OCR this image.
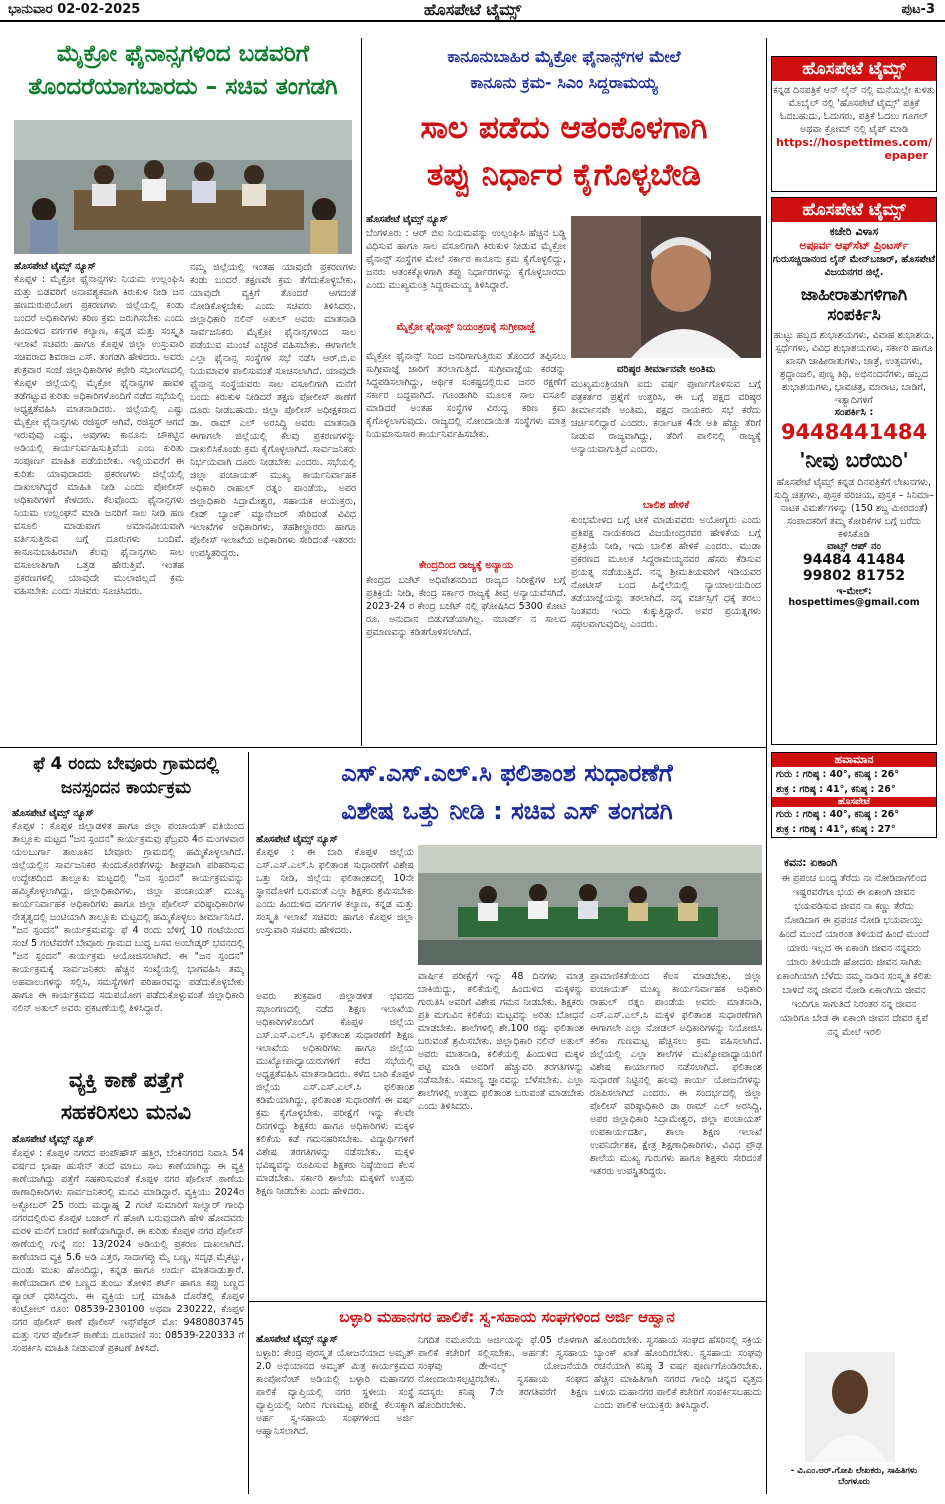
ಭಾನುವಾರ 02-02-2025	ಹೊಸಪೇಟೆ ಟೈಮ್ಸ್	ಪುಟ-3
ಮೈಕ್ರೋ ಫೈನಾನ್ಸಗಳಿಂದ ಬಡವರಿಗೆ
ತೊಂದರೆಯಾಗಬಾರದು – ಸಚಿವ ತಂಗಡಗಿ
ಹೊಸಪೇಟೆ ಟೈಮ್ಸ್ ನ್ಯೂಸ್
ಕೊಪ್ಪಳ : ಮೈಕ್ರೋ ಫೈನಾನ್ಸಗಳು ನಿಯಮ ಉಲ್ಲಂಘಿಸಿ ಮತ್ತು ಬಡವರಿಗೆ ಅನಾವಶ್ಯಕವಾಗಿ ಕಿರುಕುಳ ನೀಡಿ ಜನ ಹಣದುರುಪಯೋಗ ಪ್ರಕರಣಗಳು ಜಿಲ್ಲೆಯಲ್ಲಿ ಕಂಡು ಬಂದರೆ ಅಧಿಕಾರಿಗಳು ಕಠಿಣ ಕ್ರಮ ಜರುಗಿಸಬೇಕು ಎಂದು ಹಿಂದುಳಿದ ವರ್ಗಗಳ ಕಲ್ಯಾಣ, ಕನ್ನಡ ಮತ್ತು ಸಂಸ್ಕೃತಿ ಇಲಾಖೆ ಸಚಿವರು ಹಾಗೂ ಕೊಪ್ಪಳ ಜಿಲ್ಲಾ ಉಸ್ತುವಾರಿ ಸಚಿವರಾದ ಶಿವರಾಜ ಎಸ್. ತಂಗಡಗಿ ಹೇಳಿದರು. ಅವರು ಶುಕ್ರವಾರ ಸಂಜೆ ಜಿಲ್ಲಾಧಿಕಾರಿಗಳ ಕಛೇರಿ ಸಭಾಂಗಣದಲ್ಲಿ ಕೊಪ್ಪಳ ಜಿಲ್ಲೆಯಲ್ಲಿ ಮೈಕ್ರೋ ಫೈನಾನ್ಸಗಳ ಹಾವಳಿ ತಡೆಗಟ್ಟುವ ಕುರಿತು ಅಧಿಕಾರಿಗಳೊಂದಿಗೆ ನಡೆದ ಸಭೆಯಲ್ಲಿ ಅಧ್ಯಕ್ಷತೆವಹಿಸಿ ಮಾತನಾಡಿದರು. ಜಿಲ್ಲೆಯಲ್ಲಿ ಎಷ್ಟು ಮೈಕ್ರೋ ಫೈನಾನ್ಸಗಳು ರಜಿಸ್ಟರ್ ಆಗಿವೆ, ರಜಿಸ್ಟರ್ ಆಗದೆ ಇರುವುವು ಎಷ್ಟು, ಅವುಗಳು ಕಾನೂನು ಚೌಕಟ್ಟಿನ ಅಡಿಯಲ್ಲಿ ಕಾರ್ಯನಿರ್ವಹಿಸುತ್ತಿವೆಯ ಎಂಬ ಕುರಿತು ಸಂಪೂರ್ಣ ಮಾಹಿತಿ ಪಡೆಯಬೇಕು. ಇಲ್ಲಿಯವರೆಗೆ ಈ ಕುರಿತು ಯಾವುದಾದರು ಪ್ರಕರಣಗಳು ಜಿಲ್ಲೆಯಲ್ಲಿ ದಾಖಲಾಗಿದ್ದರೆ ಮಾಹಿತಿ ನೀಡಿ ಎಂದು ಪೋಲೀಸ್ ಅಧಿಕಾರಿಗಳಿಗೆ ಕೇಳಿದರು. ಕೆಲವೊಂದು ಫೈನಾನ್ಸಗಳು ನಿಯಮ ಉಲ್ಲಂಘನೆ ಮಾಡಿ ಜನರಿಗೆ ಸಾಲ ನೀಡಿ ಹಣ ವಸೂಲಿ ಮಾಡುವಾಗ ಅಮಾನವೀಯವಾಗಿ ವರ್ತಿಸುತ್ತಿರುವ ಬಗ್ಗೆ ದೂರುಗಳು ಬಂದಿವೆ. ಕಾನೂನುಬಾಹಿರವಾಗಿ ಕೆಲವು ಫೈನಾನ್ಸಗಳು ಸಾಲ ವಸೂಲಾತಿಗಾಗಿ ಒತ್ತಡ ಹೇರುತ್ತಿವೆ. ಇಂತಹ ಪ್ರಕರಣಗಳಲ್ಲಿ ಯಾವುದೇ ಮುಲಾಜಿಲ್ಲದೆ ಕ್ರಮ ವಹಿಸಬೇಕು ಎಂದು ಸಚಿವರು ಸೂಚಿಸಿದರು.
ನಮ್ಮ ಜಿಲ್ಲೆಯಲ್ಲಿ ಇಂತಹ ಯಾವುದೇ ಪ್ರಕರಣಗಳು ಕಂಡು ಬಂದರೆ ತಕ್ಷಣವೇ ಕ್ರಮ ತೆಗೆದುಕೊಳ್ಳಬೇಕು. ಯಾವುದೇ ವ್ಯಕ್ತಿಗೆ ತೊಂದರೆ ಆಗದಂತೆ ನೋಡಿಕೊಳ್ಳಬೇಕು ಎಂದು ಸಚಿವರು ತಿಳಿಸಿದರು. ಜಿಲ್ಲಾಧಿಕಾರಿ ನಲಿನ್ ಅತುಲ್ ಅವರು ಮಾತನಾಡಿ ಸಾರ್ವಜನಿಕರು ಮೈಕ್ರೋ ಫೈನಾನ್ಸಗಳಿಂದ ಸಾಲ ಪಡೆಯುವ ಮುಂಚೆ ಎಚ್ಚರಿಕೆ ವಹಿಸಬೇಕು. ಈಗಾಗಲೇ ಎಲ್ಲಾ ಫೈನಾನ್ಸ ಸಂಸ್ಥೆಗಳ ಸಭೆ ನಡೆಸಿ ಆರ್.ಬಿ.ಐ ನಿಯಮಾವಳಿ ಪಾಲಿಸುವಂತೆ ಸೂಚಿಸಲಾಗಿದೆ. ಯಾವುದೇ ಫೈನಾನ್ಸ ಸಂಸ್ಥೆಯವರು ಸಾಲ ವಸೂಲಿಗಾಗಿ ಮನೆಗೆ ಬಂದು ಕಿರುಕುಳ ನೀಡಿದರೆ ತಕ್ಷಣ ಪೋಲೀಸ್ ಠಾಣೆಗೆ ದೂರು ನೀಡಬಹುದು. ಜಿಲ್ಲಾ ಪೊಲೀಸ್ ಅಧೀಕ್ಷಕರಾದ ಡಾ. ರಾಮ್ ಎಲ್ ಅರಸಿದ್ದಿ ಅವರು ಮಾತನಾಡಿ ಈಗಾಗಲೇ ಜಿಲ್ಲೆಯಲ್ಲಿ ಕೆಲವು ಪ್ರಕರಣಗಳನ್ನು ದಾಖಲಿಸಿಕೊಂಡು ಕ್ರಮ ಕೈಗೊಳ್ಳಲಾಗಿದೆ. ಸಾರ್ವಜನಿಕರು ನಿರ್ಭಯವಾಗಿ ದೂರು ನೀಡಬೇಕು ಎಂದರು. ಸಭೆಯಲ್ಲಿ ಜಿಲ್ಲಾ ಪಂಚಾಯತ್ ಮುಖ್ಯ ಕಾರ್ಯನಿರ್ವಾಹಕ ಅಧಿಕಾರಿ ರಾಹುಲ್ ರತ್ನಂ ಪಾಂಡೆಯ, ಅಪರ ಜಿಲ್ಲಾಧಿಕಾರಿ ಸಿದ್ರಾಮೇಶ್ವರ, ಸಹಾಯಕ ಆಯುಕ್ತರು, ಲೀಡ್ ಬ್ಯಾಂಕ್ ಮ್ಯಾನೇಜರ್ ಸೇರಿದಂತೆ ವಿವಿಧ ಇಲಾಖೆಗಳ ಅಧಿಕಾರಿಗಳು, ತಹಶೀಲ್ದಾರರು ಹಾಗೂ ಪೊಲೀಸ್ ಇಲಾಖೆಯ ಅಧಿಕಾರಿಗಳು ಸೇರಿದಂತೆ ಇತರರು ಉಪಸ್ಥಿತರಿದ್ದರು.
ಕಾನೂನುಬಾಹಿರ ಮೈಕ್ರೋ ಫೈನಾನ್ಸ್‌ಗಳ ಮೇಲೆ
ಕಾನೂನು ಕ್ರಮ- ಸಿಎಂ ಸಿದ್ದರಾಮಯ್ಯ
ಸಾಲ ಪಡೆದು ಆತಂಕೊಳಗಾಗಿ
ತಪ್ಪು ನಿರ್ಧಾರ ಕೈಗೊಳ್ಳಬೇಡಿ
ಹೊಸಪೇಟೆ ಟೈಮ್ಸ್ ನ್ಯೂಸ್
ಬೆಂಗಳೂರು : ಆರ್ ಬಿಐ ನಿಯಮವನ್ನು ಉಲ್ಲಂಘಿಸಿ ಹೆಚ್ಚಿನ ಬಡ್ಡಿ ವಿಧಿಸುವ ಹಾಗೂ ಸಾಲ ವಸೂಲಿಗಾಗಿ ಕಿರುಕುಳ ನೀಡುವ ಮೈಕ್ರೋ ಫೈನಾನ್ಸ್ ಸಂಸ್ಥೆಗಳ ಮೇಲೆ ಸರ್ಕಾರ ಕಾನೂನು ಕ್ರಮ ಕೈಗೊಳ್ಳಲಿದ್ದು, ಜನರು ಆತಂಕಕ್ಕೊಳಗಾಗಿ ತಪ್ಪು ನಿರ್ಧಾರಗಳನ್ನು ಕೈಗೊಳ್ಳಬಾರದು ಎಂದು ಮುಖ್ಯಮಂತ್ರಿ ಸಿದ್ದರಾಮಯ್ಯ ತಿಳಿಸಿದ್ದಾರೆ.
ಮೈಕ್ರೋ ಫೈನಾನ್ಸ್ ನಿಯಂತ್ರಣಕ್ಕೆ ಸುಗ್ರೀವಾಜ್ಞೆ
ಮೈಕ್ರೋ ಫೈನಾನ್ಸ್ ನಿಂದ ಜನರಿಗಾಗುತ್ತಿರುವ ತೊಂದರೆ ತಪ್ಪಿಸಲು ಸುಗ್ರೀವಾಜ್ಞೆ ಜಾರಿಗೆ ತರಲಾಗುತ್ತಿದೆ. ಸುಗ್ರೀವಾಜ್ಞೆಯ ಕರಡನ್ನು ಸಿದ್ಧಪಡಿಸಲಾಗಿದ್ದು, ಆರ್ಥಿಕ ಸಂಕಷ್ಟದಲ್ಲಿರುವ ಜನರ ರಕ್ಷಣೆಗೆ ಸರ್ಕಾರ ಬದ್ಧವಾಗಿದೆ. ಗೂಂಡಾಗಿರಿ ಮೂಲಕ ಸಾಲ ವಸೂಲಿ ಮಾಡಿದರೆ ಅಂತಹ ಸಂಸ್ಥೆಗಳ ವಿರುದ್ಧ ಕಠಿಣ ಕ್ರಮ ಕೈಗೊಳ್ಳಲಾಗುವುದು. ರಾಜ್ಯದಲ್ಲಿ ನೋಂದಾಯಿತ ಸಂಸ್ಥೆಗಳು ಮಾತ್ರ ನಿಯಮಾನುಸಾರ ಕಾರ್ಯನಿರ್ವಹಿಸಬೇಕು.
ಕೇಂದ್ರದಿಂದ ರಾಜ್ಯಕ್ಕೆ ಅನ್ಯಾಯ
ಕೇಂದ್ರದ ಬಜೆಟ್ ಅಧಿವೇಶನದಿಂದ ರಾಜ್ಯದ ನಿರೀಕ್ಷೆಗಳ ಬಗ್ಗೆ ಪ್ರತಿಕ್ರಿಯೆ ನೀಡಿ, ಕೇಂದ್ರ ಸರ್ಕಾರ ರಾಜ್ಯಕ್ಕೆ ತೀವ್ರ ಅನ್ಯಾಯವೆಸಗಿದೆ. 2023-24 ರ ಕೇಂದ್ರ ಬಜೆಟ್ ನಲ್ಲಿ ಘೋಷಿಸಿದ 5300 ಕೋಟಿ ರೂ. ಅನುದಾನ ಬಿಡುಗಡೆಯಾಗಿಲ್ಲ. ನಬಾರ್ಡ್ ನ ಸಾಲದ ಪ್ರಮಾಣವನ್ನು ಕಡಿತಗೊಳಿಸಲಾಗಿದೆ.
ವರಿಷ್ಠರ ತೀರ್ಮಾನವೇ ಅಂತಿಮ
ಮುಖ್ಯಮಂತ್ರಿಯಾಗಿ ಐದು ವರ್ಷ ಪೂರ್ಣಗೊಳಿಸುವ ಬಗ್ಗೆ ಪತ್ರಕರ್ತರ ಪ್ರಶ್ನೆಗೆ ಉತ್ತರಿಸಿ, ಈ ಬಗ್ಗೆ ಪಕ್ಷದ ವರಿಷ್ಠರ ತೀರ್ಮಾನವೇ ಅಂತಿಮ. ಪಕ್ಷದ ನಾಯಕರು ಸಭೆ ಕರೆದು ಚರ್ಚಿಸಲಿದ್ದಾರೆ ಎಂದರು. ಕರ್ನಾಟಕ 4ನೇ ಅತಿ ಹೆಚ್ಚು ತೆರಿಗೆ ನೀಡುವ ರಾಜ್ಯವಾಗಿದ್ದು, ತೆರಿಗೆ ಪಾಲಿನಲ್ಲಿ ರಾಜ್ಯಕ್ಕೆ ಅನ್ಯಾಯವಾಗುತ್ತಿದೆ ಎಂದರು.
ಬಾಲಿಶ ಹೇಳಿಕೆ
ಕುಂಭಮೇಳದ ಬಗ್ಗೆ ಟೀಕೆ ಮಾಡುವವರು ಅಯೋಗ್ಯರು ಎಂದು ಪ್ರತಿಪಕ್ಷ ನಾಯಕರಾದ ವಿಜಯೇಂದ್ರರವರ ಹೇಳಿಕೆಯ ಬಗ್ಗೆ ಪ್ರತಿಕ್ರಿಯೆ ನೀಡಿ, ಇದು ಬಾಲಿಶ ಹೇಳಿಕೆ ಎಂದರು. ಮುಡಾ ಪ್ರಕರಣದ ಮೂಲಕ ಸಿದ್ದರಾಮಯ್ಯನವರ ಹೆಸರು ಕೆಡಿಸುವ ಪ್ರಯತ್ನ ನಡೆಯುತ್ತಿದೆ. ನನ್ನ ಶ್ರೀಮತಿಯವರಿಗೆ ಇಡಿಯವರ ನೋಟೀಸ್ ಬಂದ ಹಿನ್ನೆಲೆಯಲ್ಲಿ ನ್ಯಾಯಾಲಯದಿಂದ ತಡೆಯಾಜ್ಞೆಯನ್ನು ತರಲಾಗಿದೆ. ನನ್ನ ವರ್ಚಸ್ಸಿಗೆ ಧಕ್ಕೆ ತರಲು ನಿಂತವರು ಇಂದು ಕುಕ್ಕುತ್ತಿದ್ದಾರೆ. ಅವರ ಪ್ರಯತ್ನಗಳು ಸಫಲವಾಗುವುದಿಲ್ಲ ಎಂದರು.
ಹೊಸಪೇಟೆ ಟೈಮ್ಸ್
ಕನ್ನಡ ದಿನಪತ್ರಿಕೆ ಆನ್ ಲೈನ್ ನಲ್ಲಿ ಮನೆಯಲ್ಲೇ ಕುಳಿತು ಮೊಬೈಲ್ ನಲ್ಲಿ 'ಹೊಸಪೇಟೆ ಟೈಮ್ಸ್' ಪತ್ರಿಕೆ ಓದಬಹುದು, ಓದುಗರು, ಪತ್ರಿಕೆ ಓದಲು ಗೂಗಲ್ ಅಥವಾ ಕ್ರೋಮ್ ನಲ್ಲಿ ಟೈಪ್ ಮಾಡಿ
https://hospettimes.com/
epaper
ಹೊಸಪೇಟೆ ಟೈಮ್ಸ್
ಕಚೇರಿ ವಿಳಾಸ
ಅಪೂರ್ವ ಆಫ್‌ಸೆಟ್ ಪ್ರಿಂಟರ್ಸ್
ಗುರುಸಚ್ಚಿದಾನಂದ ಲೈನ್ ಮೇನ್‌ಬಜಾರ್, ಹೊಸಪೇಟೆ ವಿಜಯನಗರ ಜಿಲ್ಲೆ.
ಜಾಹೀರಾತುಗಳಿಗಾಗಿ
ಸಂಪರ್ಕಿಸಿ
ಹುಟ್ಟು ಹಬ್ಬದ ಶುಭಾಶಯಗಳು, ವಿವಾಹ ಶುಭಾಶಯ, ಸ್ಪರ್ಧೆಗಳು, ವಿವಿಧ ಶುಭಾಶಯಗಳು, ಸರ್ಕಾರಿ ಹಾಗೂ ಖಾಸಗಿ ಜಾಹೀರಾತುಗಳು, ಜಾತ್ರೆ, ಉತ್ಸವಗಳು, ಶ್ರದ್ಧಾಂಜಲಿ, ಪುಣ್ಯ ತಿಥಿ, ಅಭಿನಂದನೆಗಳು, ಹಬ್ಬದ ಶುಭಾಶಯಗಳು, ಭಾವಚಿತ್ರ, ಮಾರಾಟ, ಬಾಡಿಗೆ, ಇತ್ಯಾದಿಗಳಿಗೆ
ಸಂಪರ್ಕಿಸಿ :
9448441484
'ನೀವು ಬರೆಯಿರಿ'
ಹೊಸಪೇಟೆ ಟೈಮ್ಸ್ ಕನ್ನಡ ದಿನಪತ್ರಿಕೆಗೆ ಲೇಖನಗಳು, ಸುದ್ದಿ ಚಿತ್ರಗಳು, ಪುಸ್ತಕ ಪರಿಚಯ, ಪುಸ್ತಕ – ಸಿನಿಮಾ–ನಾಟಕ ವಿಮರ್ಶೆಗಳನ್ನು (150 ಶಬ್ದ ಮೀರದಂತೆ) ಸಂಪಾದಕರಿಗೆ ತಮ್ಮ ಕೋರಿಕೆಗಳ ಬಗ್ಗೆ ಬರೆದು ಕಳಿಸಿಕೊಡಿ
ವಾಟ್ಸ್ ಆಪ್ ನಂ
94484 41484
99802 81752
ಇ-ಮೇಲ್: hospettimes@gmail.com
ಹವಾಮಾನ
ಗುರು : ಗರಿಷ್ಠ : 40°, ಕನಿಷ್ಠ : 26°
ಶುಕ್ರ : ಗರಿಷ್ಠ : 41°, ಕನಿಷ್ಠ : 26°
ಹೊಸಪೇಟೆ
ಗುರು : ಗರಿಷ್ಠ : 40°, ಕನಿಷ್ಠ : 26°
ಶುಕ್ರ : ಗರಿಷ್ಠ : 41°, ಕನಿಷ್ಠ : 27°
ಕವನ: ಏಕಾಂಗಿ
ಈ ಪ್ರಪಂಚ ಬಂಧ್ಯ ತೆರೆದು ನಾ ನೋಡಿದಾಗಲಿಂದ ಇಷ್ಟರವರೆಗೂ ಭಯ ಈ ಏಕಾಂಗಿ ಜೀವನ ಭಯಪಡಿಸುವ ಜೀವನ ನಾ ಕಣ್ಣು ತೆರೆದು ನೋಡಿದಾಗ ಈ ಪ್ರಪಂಚ ನೋಡಿ ಭಯವಾಯ್ತು ಹಿಂದೆ ಮುಂದೆ ಯಾರಂತ ತಿಳಿಯದೆ ಹಿಂದೆ ಮುಂದೆ ಯಾರು ಇಲ್ಲದ ಈ ಏಕಾಂಗಿ ಜೀವನ ನನ್ನವರು ಯಾರು ತಿಳಿಯದೇ ಹೋದರು ಜೀವನ ಸಾಗಿತು ಏಕಾಂಗಿಯಾಗಿ ಬೆಳೆದು ನಮ್ಮ ನಾಡಿನ ಸಂಸ್ಕೃತಿ ಕಲಿತು ಬಾಳಿದೆ ನನ್ನ ಜೀವನ ನೋಡಿ ಏಕಾಂಗಿಯ ಜೀವನ ಇಂದಿಗೂ ಸಾಗುತಿದೆ ನಿರಂತರ ನನ್ನ ಜೀವನ ಯಾರಿಗೂ ಬೇಡ ಈ ಏಕಾಂಗಿ ಜೀವನ ದೇವರ ಕೃಪೆ ನನ್ನ ಮೇಲೆ ಇರಲಿ
- ವಿ.ಎಂ.ಆರ್.ಗೋಪಿ ಲೇಖಕರು, ಸಾಹಿತಿಗಳು ಬೆಂಗಳೂರು
ಫೆ 4 ರಂದು ಬೇವೂರು ಗ್ರಾಮದಲ್ಲಿ
ಜನಸ್ಪಂದನ ಕಾರ್ಯಕ್ರಮ
ಹೊಸಪೇಟೆ ಟೈಮ್ಸ್ ನ್ಯೂಸ್
ಕೊಪ್ಪಳ : ಕೊಪ್ಪಳ ಜಿಲ್ಲಾಡಳಿತ ಹಾಗೂ ಜಿಲ್ಲಾ ಪಂಚಾಯತ್ ವತಿಯಿಂದ ತಾಲ್ಲೂಕು ಮಟ್ಟದ "ಜನ ಸ್ಪಂದನ" ಕಾರ್ಯಕ್ರಮವು ಫೆಬ್ರವರಿ 4ರ ಮಂಗಳವಾರ ಯಲಬುರ್ಗಾ ತಾಲೂಕಿನ ಬೇವೂರು ಗ್ರಾಮದಲ್ಲಿ ಹಮ್ಮಿಕೊಳ್ಳಲಾಗಿದೆ. ಜಿಲ್ಲೆಯಲ್ಲಿನ ಸಾರ್ವಜನಿಕರ ಕುಂದುಕೊರತೆಗಳನ್ನು ಶೀಘ್ರವಾಗಿ ಪರಿಹರಿಸುವ ಉದ್ದೇಶದಿಂದ ತಾಲ್ಲೂಕು ಮಟ್ಟದಲ್ಲಿ "ಜನ ಸ್ಪಂದನ" ಕಾರ್ಯಕ್ರಮವನ್ನು ಹಮ್ಮಿಕೊಳ್ಳಲಾಗಿದ್ದು, ಜಿಲ್ಲಾಧಿಕಾರಿಗಳು, ಜಿಲ್ಲಾ ಪಂಚಾಯತ್ ಮುಖ್ಯ ಕಾರ್ಯನಿರ್ವಾಹಕ ಅಧಿಕಾರಿಗಳು ಹಾಗೂ ಜಿಲ್ಲಾ ಪೊಲೀಸ್ ವರಿಷ್ಠಾಧಿಕಾರಿಗಳ ನೇತೃತ್ವದಲ್ಲಿ ಜಂಟಿಯಾಗಿ ತಾಲ್ಲೂಕು ಮಟ್ಟದಲ್ಲಿ ಹಮ್ಮಿಕೊಳ್ಳಲು ತೀರ್ಮಾನಿಸಿದೆ. "ಜನ ಸ್ಪಂದನ" ಕಾರ್ಯಕ್ರಮವನ್ನು ಫೆ 4 ರಂದು ಬೆಳಿಗ್ಗೆ 10 ಗಂಟೆಯಿಂದ ಸಂಜೆ 5 ಗಂಟೆವರೆಗೆ ಬೇವೂರು ಗ್ರಾಮದ ಬುದ್ಧ ಬಸವ ಅಂಬೇಡ್ಕರ್ ಭವನದಲ್ಲಿ "ಜನ ಸ್ಪಂದನ" ಕಾರ್ಯಕ್ರಮ ಆಯೋಜಿಸಲಾಗಿದೆ. ಈ "ಜನ ಸ್ಪಂದನ" ಕಾರ್ಯಕ್ರಮಕ್ಕೆ ಸಾರ್ವಜನಿಕರು ಹೆಚ್ಚಿನ ಸಂಖ್ಯೆಯಲ್ಲಿ ಭಾಗವಹಿಸಿ ತಮ್ಮ ಅಹವಾಲುಗಳನ್ನು ಸಲ್ಲಿಸಿ, ಸಮಸ್ಯೆಗಳಿಗೆ ಪರಿಹಾರವನ್ನು ಪಡೆದುಕೊಳ್ಳಬೇಕು ಹಾಗೂ ಈ ಕಾರ್ಯಕ್ರಮದ ಸದುಪಯೋಗ ಪಡೆದುಕೊಳ್ಳುವಂತೆ ಜಿಲ್ಲಾಧಿಕಾರಿ ನಲಿನ್ ಅತುಲ್ ಅವರು ಪ್ರಕಟಣೆಯಲ್ಲಿ ತಿಳಿಸಿದ್ದಾರೆ.
ವ್ಯಕ್ತಿ ಕಾಣೆ ಪತ್ತೆಗೆ
ಸಹಕರಿಸಲು ಮನವಿ
ಹೊಸಪೇಟೆ ಟೈಮ್ಸ್ ನ್ಯೂಸ್
ಕೊಪ್ಪಳ : ಕೊಪ್ಪಳ ನಗರದ ಪಂಪೌಹೌಸ್ ಹತ್ತಿರ, ಬೆಂಕಿನಗರದ ನಿವಾಸಿ 54 ವರ್ಷದ ಭಾಷಾ ಹುಸೇನ್ ತಂದೆ ಮಾಬು ಸಾಬ ಕಾಣೆಯಾಗಿದ್ದು ಈ ವ್ಯಕ್ತಿ ಕಾಣೆಯಾಗಿದ್ದು ಪತ್ತೆಗೆ ಸಹಕರಿಸುವಂತೆ ಕೊಪ್ಪಳ ನಗರ ಪೊಲೀಸ್ ಠಾಣೆಯ ಠಾಣಾಧಿಕಾರಿಗಳು ಸಾರ್ವಜನಿಕರಲ್ಲಿ ಮನವಿ ಮಾಡಿದ್ದಾರೆ. ವ್ಯಕ್ತಿಯು 2024ರ ಅಕ್ಟೋಬರ್ 25 ರಂದು ಮಧ್ಯಾಹ್ನ 2 ಗಂಟೆ ಸುಮಾರಿಗೆ ಸಾಲ್ವಾರ್ ಗಾಂಧಿ ನಗರದಲ್ಲಿರುವ ಕೊಪ್ಪಳ ಬಜಾರ್ ಗೆ ಹೋಗಿ ಬರುವುದಾಗಿ ಹೇಳಿ ಹೋದವರು ಮರಳಿ ಮನೆಗೆ ಬಾರದೆ ಕಾಣೆಯಾಗಿದ್ದಾರೆ. ಈ ಕುರಿತು ಕೊಪ್ಪಳ ನಗರ ಪೊಲೀಸ್ ಠಾಣೆಯಲ್ಲಿ ಗುನ್ನೆ ನಂ: 13/2024 ಅಡಿಯಲ್ಲಿ ಪ್ರಕರಣ ದಾಖಲಾಗಿದೆ. ಕಾಣೆಯಾದ ವ್ಯಕ್ತಿ 5.6 ಅಡಿ ಎತ್ತರ, ಸಾದಾಗಪ್ಪು ಮೈ ಬಣ್ಣ, ಸದೃಢ ಮೈಕಟ್ಟು, ದುಂಡು ಮುಖ ಹೊಂದಿದ್ದು, ಕನ್ನಡ ಹಾಗೂ ಉರ್ದು ಮಾತನಾಡುತ್ತಾರೆ. ಕಾಣೆಯಾದಾಗ ಬಿಳಿ ಬಣ್ಣದ ತುಂಬು ತೋಳಿನ ಶರ್ಟ್ ಹಾಗೂ ಕಪ್ಪು ಬಣ್ಣದ ಪ್ಯಾಂಟ್ ಧರಿಸಿದ್ದರು. ಈ ವ್ಯಕ್ತಿಯ ಬಗ್ಗೆ ಮಾಹಿತಿ ದೊರೆತಲ್ಲಿ ಕೊಪ್ಪಳ ಕಂಟ್ರೋಲ್ ರೂಂ: 08539-230100 ಅಥವಾ 230222, ಕೊಪ್ಪಳ ನಗರ ಪೊಲೀಸ್ ಠಾಣೆ ಪೊಲೀಸ್ ಇನ್ಸ್‌ಪೆಕ್ಟರ್ ಮೊ: 9480803745 ಮತ್ತು ನಗರ ಪೊಲೀಸ್ ಠಾಣೆಯ ದೂರವಾಣಿ ಸಂ: 08539-220333 ಗೆ ಸಂಪರ್ಕಿಸಿ ಮಾಹಿತಿ ನೀಡುವಂತೆ ಪ್ರಕಟಣೆ ತಿಳಿಸಿದೆ.
ಎಸ್.ಎಸ್.ಎಲ್.ಸಿ ಫಲಿತಾಂಶ ಸುಧಾರಣೆಗೆ
ವಿಶೇಷ ಒತ್ತು ನೀಡಿ : ಸಚಿವ ಎಸ್ ತಂಗಡಗಿ
ಹೊಸಪೇಟೆ ಟೈಮ್ಸ್ ನ್ಯೂಸ್
ಕೊಪ್ಪಳ : ಈ ಬಾರಿ ಕೊಪ್ಪಳ ಜಿಲ್ಲೆಯ ಎಸ್.ಎಸ್.ಎಲ್.ಸಿ ಫಲಿತಾಂಶ ಸುಧಾರಣೆಗೆ ವಿಶೇಷ ಒತ್ತು ನೀಡಿ, ಜಿಲ್ಲೆಯ ಫಲಿತಾಂಶದಲ್ಲಿ 10ನೇ ಸ್ಥಾನದೊಳಗೆ ಬರುವಂತೆ ಎಲ್ಲಾ ಶಿಕ್ಷಕರು ಶ್ರಮಿಸಬೇಕು ಎಂದು ಹಿಂದುಳಿದ ವರ್ಗಗಳ ಕಲ್ಯಾಣ, ಕನ್ನಡ ಮತ್ತು ಸಂಸ್ಕೃತಿ ಇಲಾಖೆ ಸಚಿವರು ಹಾಗೂ ಕೊಪ್ಪಳ ಜಿಲ್ಲಾ ಉಸ್ತುವಾರಿ ಸಚಿವರು ಹೇಳಿದರು.
ಅವರು ಶುಕ್ರವಾರ ಜಿಲ್ಲಾಡಳಿತ ಭವನದ ಸಭಾಂಗಣದಲ್ಲಿ ನಡೆದ ಶಿಕ್ಷಣ ಇಲಾಖೆಯ ಅಧಿಕಾರಿಗಳೊಂದಿಗೆ ಕೊಪ್ಪಳ ಜಿಲ್ಲೆಯ ಎಸ್.ಎಸ್.ಎಲ್.ಸಿ ಫಲಿತಾಂಶ ಸುಧಾರಣೆಗೆ ಶಿಕ್ಷಣ ಇಲಾಖೆಯ ಅಧಿಕಾರಿಗಳು ಹಾಗೂ ಜಿಲ್ಲೆಯ ಮುಖ್ಯೋಪಾಧ್ಯಾಯರುಗಳಿಗೆ ಕರೆದ ಸಭೆಯಲ್ಲಿ ಅಧ್ಯಕ್ಷತೆವಹಿಸಿ ಮಾತನಾಡಿದರು. ಕಳೆದ ಬಾರಿ ಕೊಪ್ಪಳ ಜಿಲ್ಲೆಯ ಎಸ್.ಎಸ್.ಎಲ್.ಸಿ ಫಲಿತಾಂಶ ಕಡಿಮೆಯಾಗಿದ್ದು, ಫಲಿತಾಂಶ ಸುಧಾರಣೆಗೆ ಈ ವರ್ಷ ಕ್ರಮ ಕೈಗೊಳ್ಳಬೇಕು. ಪರೀಕ್ಷೆಗೆ ಇನ್ನು ಕೆಲವೇ ದಿನಗಳಿದ್ದು ಶಿಕ್ಷಕರು ಹಾಗೂ ಅಧಿಕಾರಿಗಳು ಮಕ್ಕಳ ಕಲಿಕೆಯ ಕಡೆ ಗಮನಹರಿಸಬೇಕು. ವಿದ್ಯಾರ್ಥಿಗಳಿಗೆ ವಿಶೇಷ ತರಗತಿಗಳನ್ನು ನಡೆಸಬೇಕು. ಮಕ್ಕಳ ಭವಿಷ್ಯವನ್ನು ರೂಪಿಸುವ ಶಿಕ್ಷಕರು ನಿಷ್ಠೆಯಿಂದ ಕೆಲಸ ಮಾಡಬೇಕು. ಸರ್ಕಾರಿ ಶಾಲೆಯ ಮಕ್ಕಳಿಗೆ ಉತ್ತಮ ಶಿಕ್ಷಣ ನೀಡಬೇಕು ಎಂದು ಹೇಳಿದರು.
ವಾರ್ಷಿಕ ಪರೀಕ್ಷೆಗೆ ಇನ್ನು 48 ದಿನಗಳು ಮಾತ್ರ ಬಾಕಿಯಿದ್ದು, ಕಲಿಕೆಯಲ್ಲಿ ಹಿಂದುಳಿದ ಮಕ್ಕಳನ್ನು ಗುರುತಿಸಿ ಅವರಿಗೆ ವಿಶೇಷ ಗಮನ ನೀಡಬೇಕು. ಶಿಕ್ಷಕರು ಪ್ರತಿ ಮಗುವಿನ ಕಲಿಕೆಯ ಮಟ್ಟವನ್ನು ಅರಿತು ಬೋಧನೆ ಮಾಡಬೇಕು. ಶಾಲೆಗಳಲ್ಲಿ ಶೇ.100 ರಷ್ಟು ಫಲಿತಾಂಶ ಬರುವಂತೆ ಶ್ರಮಿಸಬೇಕು. ಜಿಲ್ಲಾಧಿಕಾರಿ ನಲಿನ್ ಅತುಲ್ ಅವರು ಮಾತನಾಡಿ, ಕಲಿಕೆಯಲ್ಲಿ ಹಿಂದುಳಿದ ಮಕ್ಕಳ ಪಟ್ಟಿ ಮಾಡಿ ಅವರಿಗೆ ಹೆಚ್ಚುವರಿ ತರಗತಿಗಳನ್ನು ನಡೆಸಬೇಕು. ಸಮಾನ್ಯ ಜ್ಞಾನವನ್ನು ಬೆಳೆಸಬೇಕು. ಎಲ್ಲಾ ಶಾಲೆಗಳಲ್ಲಿ ಉತ್ತಮ ಫಲಿತಾಂಶ ಬರುವಂತೆ ಮಾಡಬೇಕು ಎಂದು ತಿಳಿಸಿದರು.
ಪ್ರಾಮಾಣಿಕತೆಯಿಂದ ಕೆಲಸ ಮಾಡಬೇಕು. ಜಿಲ್ಲಾ ಪಂಚಾಯತ್ ಮುಖ್ಯ ಕಾರ್ಯನಿರ್ವಾಹಕ ಅಧಿಕಾರಿ ರಾಹುಲ್ ರತ್ನಂ ಪಾಂಡೆಯ ಅವರು ಮಾತನಾಡಿ, ಎಸ್.ಎಸ್.ಎಲ್.ಸಿ ಮಕ್ಕಳ ಫಲಿತಾಂಶ ಸುಧಾರಣೆಗಾಗಿ ಈಗಾಗಲೇ ಎಲ್ಲಾ ನೋಡಲ್ ಅಧಿಕಾರಿಗಳನ್ನು ನಿಯೋಜಿಸಿ ಕಲಿಕಾ ಗುಣಮಟ್ಟ ಹೆಚ್ಚಿಸಲು ಕ್ರಮ ವಹಿಸಲಾಗಿದೆ. ಜಿಲ್ಲೆಯಲ್ಲಿ ಎಲ್ಲಾ ಶಾಲೆಗಳ ಮುಖ್ಯೋಪಾಧ್ಯಾಯರಿಗೆ ವಿಶೇಷ ಕಾರ್ಯಾಗಾರ ನಡೆಸಲಾಗಿದೆ. ಫಲಿತಾಂಶ ಸುಧಾರಣೆ ನಿಟ್ಟಿನಲ್ಲಿ ಹಲವು ಕಾರ್ಯ ಯೋಜನೆಗಳನ್ನು ರೂಪಿಸಲಾಗಿದೆ ಎಂದರು. ಈ ಸಂದರ್ಭದಲ್ಲಿ ಜಿಲ್ಲಾ ಪೊಲೀಸ್ ವರಿಷ್ಠಾಧಿಕಾರಿ ಡಾ ರಾಮ್ ಎಲ್ ಅರಸಿದ್ದಿ, ಅಪರ ಜಿಲ್ಲಾಧಿಕಾರಿ ಸಿದ್ರಾಮೇಶ್ವರ, ಜಿಲ್ಲಾ ಪಂಚಾಯತ್ ಉಪಕಾರ್ಯದರ್ಶಿ, ಶಾಲಾ ಶಿಕ್ಷಣ ಇಲಾಖೆ ಉಪನಿರ್ದೇಶಕ, ಕ್ಷೇತ್ರ ಶಿಕ್ಷಣಾಧಿಕಾರಿಗಳು, ವಿವಿಧ ಪ್ರೌಢ ಶಾಲೆಯ ಮುಖ್ಯ ಗುರುಗಳು ಹಾಗೂ ಶಿಕ್ಷಕರು ಸೇರಿದಂತೆ ಇತರರು ಉಪಸ್ಥಿತರಿದ್ದರು.
ಬಳ್ಳಾರಿ ಮಹಾನಗರ ಪಾಲಿಕೆ: ಸ್ವ-ಸಹಾಯ ಸಂಘಗಳಿಂದ ಅರ್ಜಿ ಆಹ್ವಾನ
ಹೊಸಪೇಟೆ ಟೈಮ್ಸ್ ನ್ಯೂಸ್
ಬಳ್ಳಾರಿ: ಕೇಂದ್ರ ಪುರಸ್ಕೃತ ಯೋಜನೆಯಾದ ಅಮೃತ್ 2.0 ಅಭಿಯಾನದ ಅಮೃತ್ ಮಿತ್ರ ಕಾರ್ಯಕ್ರಮದ ಕಾಂಪೋನೆಂಟ್ ಅಡಿಯಲ್ಲಿ ಬಳ್ಳಾರಿ ಮಹಾನಗರ ಪಾಲಿಕೆ ವ್ಯಾಪ್ತಿಯಲ್ಲಿ ನಗರ ಸ್ಥಳೀಯ ಸಂಸ್ಥೆ ವ್ಯಾಪ್ತಿಯಲ್ಲಿ ನೀರಿನ ಗುಣಮಟ್ಟ ಪರೀಕ್ಷೆ ಕೆಲಸಕ್ಕಾಗಿ ಅರ್ಹ ಸ್ವ-ಸಹಾಯ ಸಂಘಗಳಿಂದ ಅರ್ಜಿ ಆಹ್ವಾನಿಸಲಾಗಿದೆ.
ನಿಗದಿತ ನಮೂನೆಯ ಅರ್ಜಿಯನ್ನು ಫೆ.05 ರೊಳಗಾಗಿ ಪಾಲಿಕೆ ಕಚೇರಿಗೆ ಸಲ್ಲಿಸಬೇಕು. ಅರ್ಹತೆ: ಸ್ವಸಹಾಯ ಸಂಘವು ಡೇ-ನಲ್ಮ್ ಯೋಜನೆಯಡಿ ನೋಂದಾಯಿಸಲ್ಪಟ್ಟಿರಬೇಕು. ಸ್ವಸಹಾಯ ಸಂಘದ ಸದಸ್ಯರು ಕನಿಷ್ಠ 7ನೇ ತರಗತಿವರೆಗೆ ಶಿಕ್ಷಣ ಹೊಂದಿರಬೇಕು.
ಹೊಂದಿರಬೇಕು. ಸ್ವಸಹಾಯ ಸಂಘದ ಹೆಸರಿನಲ್ಲಿ ಸಕ್ರಿಯ ಬ್ಯಾಂಕ್ ಖಾತೆ ಹೊಂದಿರಬೇಕು. ಸ್ವಸಹಾಯ ಸಂಘವು ರಚನೆಯಾಗಿ ಕನಿಷ್ಠ 3 ವರ್ಷ ಪೂರ್ಣಗೊಂಡಿರಬೇಕು. ಹೆಚ್ಚಿನ ಮಾಹಿತಿಗಾಗಿ ನಗರದ ಗಾಂಧಿ ಚಿನ್ನದ ವೃತ್ತದ ಬಳಿಯ ಮಹಾನಗರ ಪಾಲಿಕೆ ಕಚೇರಿಗೆ ಸಂಪರ್ಕಿಸಬಹುದು ಎಂದು ಪಾಲಿಕೆ ಆಯುಕ್ತರು ತಿಳಿಸಿದ್ದಾರೆ.
